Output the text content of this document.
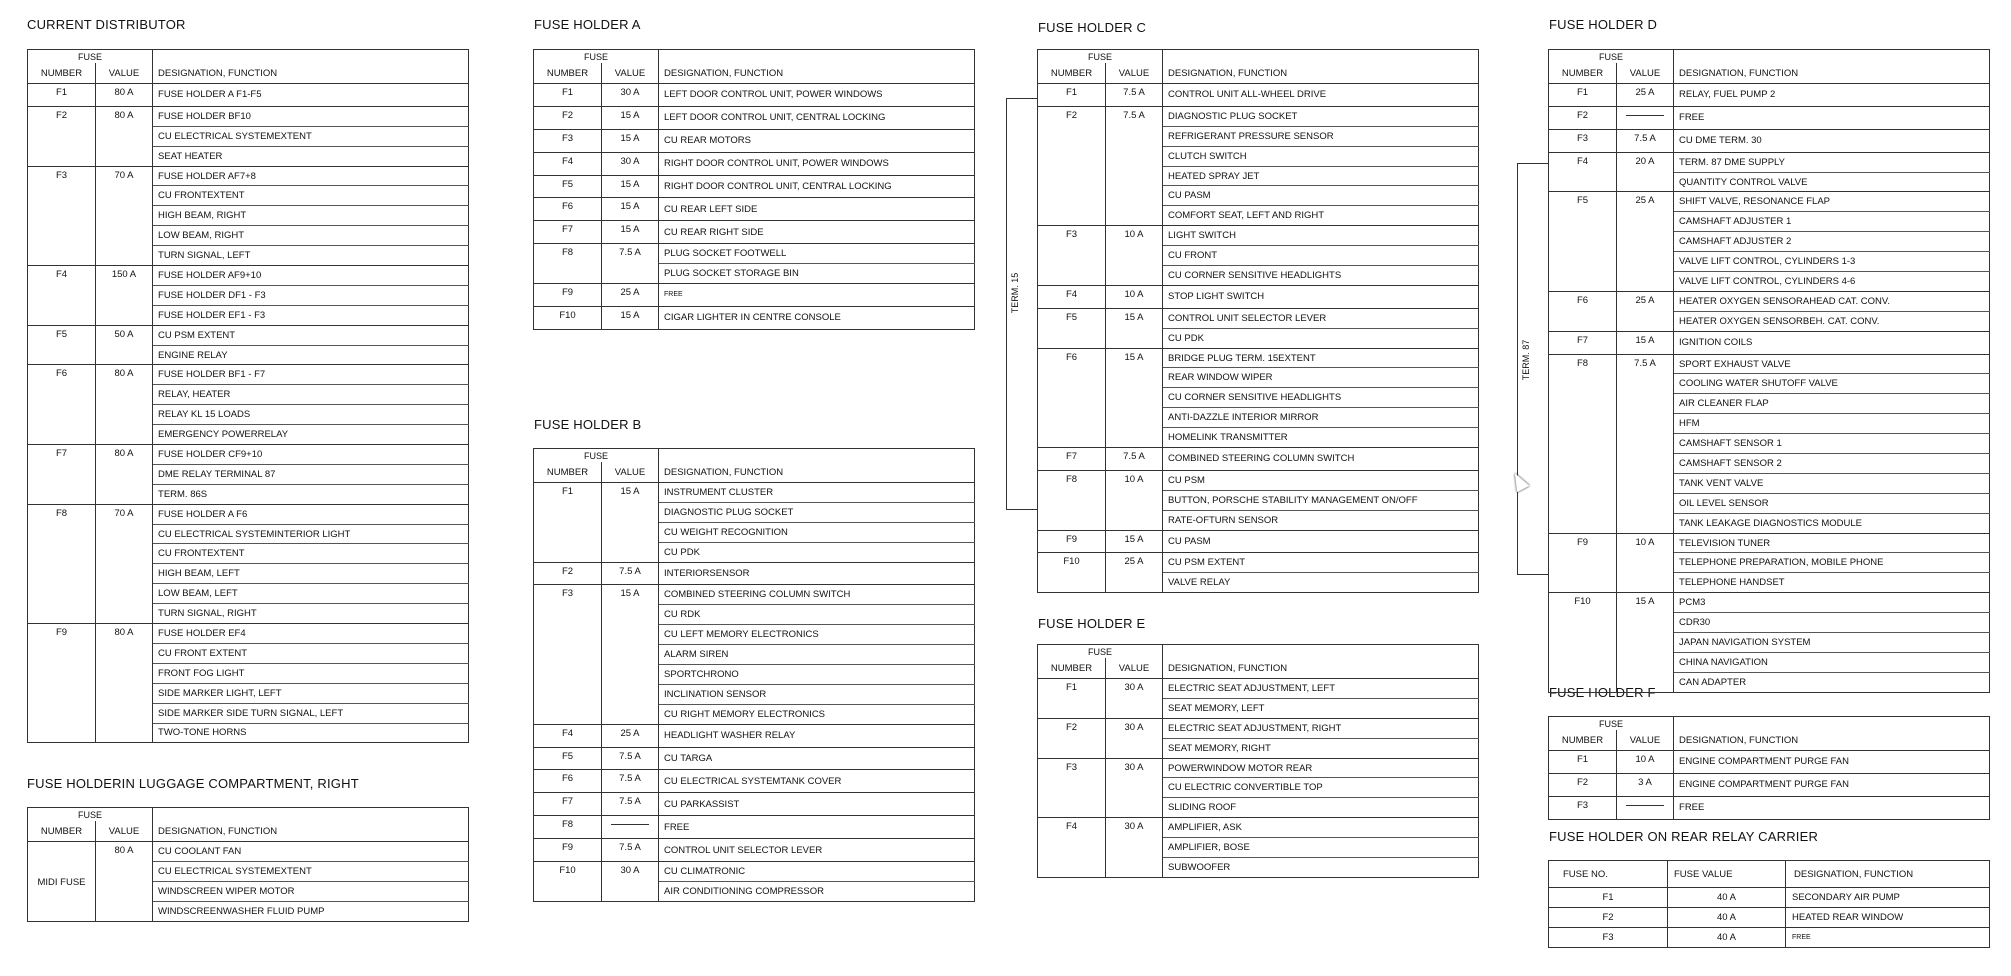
CURRENT DISTRIBUTOR	FUSE HOLDER A	FUSE HOLDER C	FUSE HOLDER D
FUSE HOLDER B
FUSE HOLDER E
FUSE HOLDER F
FUSE HOLDERIN LUGGAGE COMPARTMENT, RIGHT
FUSE HOLDER ON REAR RELAY CARRIER
FUSE		
NUMBER	VALUE	DESIGNATION, FUNCTION
F1	80 A	FUSE HOLDER A F1-F5
F2	80 A	FUSE HOLDER BF10
		CU ELECTRICAL SYSTEMEXTENT
		SEAT HEATER
F3	70 A	FUSE HOLDER AF7+8
		CU FRONTEXTENT
		HIGH BEAM, RIGHT
		LOW BEAM, RIGHT
		TURN SIGNAL, LEFT
F4	150 A	FUSE HOLDER AF9+10
		FUSE HOLDER DF1 - F3
		FUSE HOLDER EF1 - F3
F5	50 A	CU PSM EXTENT
		ENGINE RELAY
F6	80 A	FUSE HOLDER BF1 - F7
		RELAY, HEATER
		RELAY KL 15 LOADS
		EMERGENCY POWERRELAY
F7	80 A	FUSE HOLDER CF9+10
		DME RELAY TERMINAL 87
		TERM. 86S
F8	70 A	FUSE HOLDER A F6
		CU ELECTRICAL SYSTEMINTERIOR LIGHT
		CU FRONTEXTENT
		HIGH BEAM, LEFT
		LOW BEAM, LEFT
		TURN SIGNAL, RIGHT
F9	80 A	FUSE HOLDER EF4
		CU FRONT EXTENT
		FRONT FOG LIGHT
		SIDE MARKER LIGHT, LEFT
		SIDE MARKER SIDE TURN SIGNAL, LEFT
		TWO-TONE HORNS
FUSE		
NUMBER	VALUE	DESIGNATION, FUNCTION
F1	30 A	LEFT DOOR CONTROL UNIT, POWER WINDOWS
F2	15 A	LEFT DOOR CONTROL UNIT, CENTRAL LOCKING
F3	15 A	CU REAR MOTORS
F4	30 A	RIGHT DOOR CONTROL UNIT, POWER WINDOWS
F5	15 A	RIGHT DOOR CONTROL UNIT, CENTRAL LOCKING
F6	15 A	CU REAR LEFT SIDE
F7	15 A	CU REAR RIGHT SIDE
F8	7.5 A	PLUG SOCKET FOOTWELL
		PLUG SOCKET STORAGE BIN
F9	25 A	FREE
F10	15 A	CIGAR LIGHTER IN CENTRE CONSOLE
FUSE		
NUMBER	VALUE	DESIGNATION, FUNCTION
F1	15 A	INSTRUMENT CLUSTER
		DIAGNOSTIC PLUG SOCKET
		CU WEIGHT RECOGNITION
		CU PDK
F2	7.5 A	INTERIORSENSOR
F3	15 A	COMBINED STEERING COLUMN SWITCH
		CU RDK
		CU LEFT MEMORY ELECTRONICS
		ALARM SIREN
		SPORTCHRONO
		INCLINATION SENSOR
		CU RIGHT MEMORY ELECTRONICS
F4	25 A	HEADLIGHT WASHER RELAY
F5	7.5 A	CU TARGA
F6	7.5 A	CU ELECTRICAL SYSTEMTANK COVER
F7	7.5 A	CU PARKASSIST
F8		FREE
F9	7.5 A	CONTROL UNIT SELECTOR LEVER
F10	30 A	CU CLIMATRONIC
		AIR CONDITIONING COMPRESSOR
FUSE		
NUMBER	VALUE	DESIGNATION, FUNCTION
F1	7.5 A	CONTROL UNIT ALL-WHEEL DRIVE
F2	7.5 A	DIAGNOSTIC PLUG SOCKET
		REFRIGERANT PRESSURE SENSOR
		CLUTCH SWITCH
		HEATED SPRAY JET
		CU PASM
		COMFORT SEAT, LEFT AND RIGHT
F3	10 A	LIGHT SWITCH
		CU FRONT
		CU CORNER SENSITIVE HEADLIGHTS
F4	10 A	STOP LIGHT SWITCH
F5	15 A	CONTROL UNIT SELECTOR LEVER
		CU PDK
F6	15 A	BRIDGE PLUG TERM. 15EXTENT
		REAR WINDOW WIPER
		CU CORNER SENSITIVE HEADLIGHTS
		ANTI-DAZZLE INTERIOR MIRROR
		HOMELINK TRANSMITTER
F7	7.5 A	COMBINED STEERING COLUMN SWITCH
F8	10 A	CU PSM
		BUTTON, PORSCHE STABILITY MANAGEMENT ON/OFF
		RATE-OFTURN SENSOR
F9	15 A	CU PASM
F10	25 A	CU PSM EXTENT
		VALVE RELAY
FUSE		
NUMBER	VALUE	DESIGNATION, FUNCTION
F1	30 A	ELECTRIC SEAT ADJUSTMENT, LEFT
		SEAT MEMORY, LEFT
F2	30 A	ELECTRIC SEAT ADJUSTMENT, RIGHT
		SEAT MEMORY, RIGHT
F3	30 A	POWERWINDOW MOTOR REAR
		CU ELECTRIC CONVERTIBLE TOP
		SLIDING ROOF
F4	30 A	AMPLIFIER, ASK
		AMPLIFIER, BOSE
		SUBWOOFER
FUSE		
NUMBER	VALUE	DESIGNATION, FUNCTION
F1	25 A	RELAY, FUEL PUMP 2
F2		FREE
F3	7.5 A	CU DME TERM. 30
F4	20 A	TERM. 87 DME SUPPLY
		QUANTITY CONTROL VALVE
F5	25 A	SHIFT VALVE, RESONANCE FLAP
		CAMSHAFT ADJUSTER 1
		CAMSHAFT ADJUSTER 2
		VALVE LIFT CONTROL, CYLINDERS 1-3
		VALVE LIFT CONTROL, CYLINDERS 4-6
F6	25 A	HEATER OXYGEN SENSORAHEAD CAT. CONV.
		HEATER OXYGEN SENSORBEH. CAT. CONV.
F7	15 A	IGNITION COILS
F8	7.5 A	SPORT EXHAUST VALVE
		COOLING WATER SHUTOFF VALVE
		AIR CLEANER FLAP
		HFM
		CAMSHAFT SENSOR 1
		CAMSHAFT SENSOR 2
		TANK VENT VALVE
		OIL LEVEL SENSOR
		TANK LEAKAGE DIAGNOSTICS MODULE
F9	10 A	TELEVISION TUNER
		TELEPHONE PREPARATION, MOBILE PHONE
		TELEPHONE HANDSET
F10	15 A	PCM3
		CDR30
		JAPAN NAVIGATION SYSTEM
		CHINA NAVIGATION
		CAN ADAPTER
FUSE		
NUMBER	VALUE	DESIGNATION, FUNCTION
F1	10 A	ENGINE COMPARTMENT PURGE FAN
F2	3 A	ENGINE COMPARTMENT PURGE FAN
F3		FREE
FUSE		
NUMBER	VALUE	DESIGNATION, FUNCTION
MIDI FUSE	80 A	CU COOLANT FAN
		CU ELECTRICAL SYSTEMEXTENT
		WINDSCREEN WIPER MOTOR
		WINDSCREENWASHER FLUID PUMP
FUSE NO.	FUSE VALUE	DESIGNATION, FUNCTION
F1	40 A	SECONDARY AIR PUMP
F2	40 A	HEATED REAR WINDOW
F3	40 A	FREE
TERM. 15
TERM. 87
